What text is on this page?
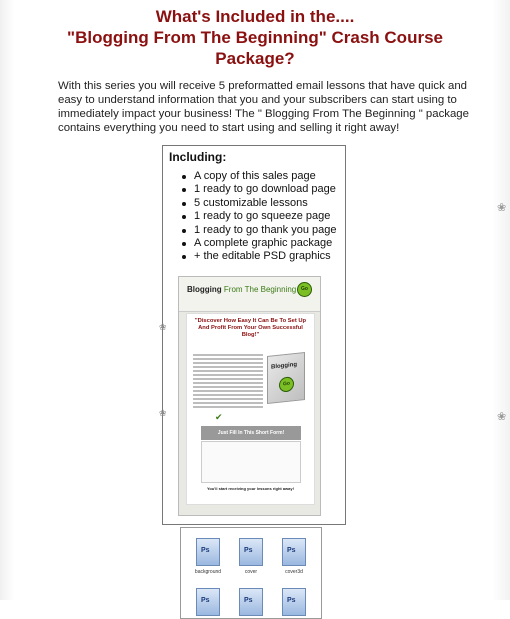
❀
❀
What's Included in the....
"Blogging From The Beginning" Crash Course
Package?
With this series you will receive 5 preformatted email lessons that have quick and easy to understand information that you and your subscribers can start using to immediately impact your business! The " Blogging From The Beginning " package contains everything you need to start using and selling it right away!
Including:
A copy of this sales page
1 ready to go download page
5 customizable lessons
1 ready to go squeeze page
1 ready to go thank you page
A complete graphic package
+ the editable PSD graphics
Blogging From The Beginning Go
"Discover How Easy It Can Be To Set Up And Profit From Your Own Successful Blog!"
Blogging
Go
✔
Just Fill In This Short Form!
You'll start receiving your lessons right away!
❀
❀
Ps
background
Ps	cover
Ps	cover3d
Ps
Ps
Ps
